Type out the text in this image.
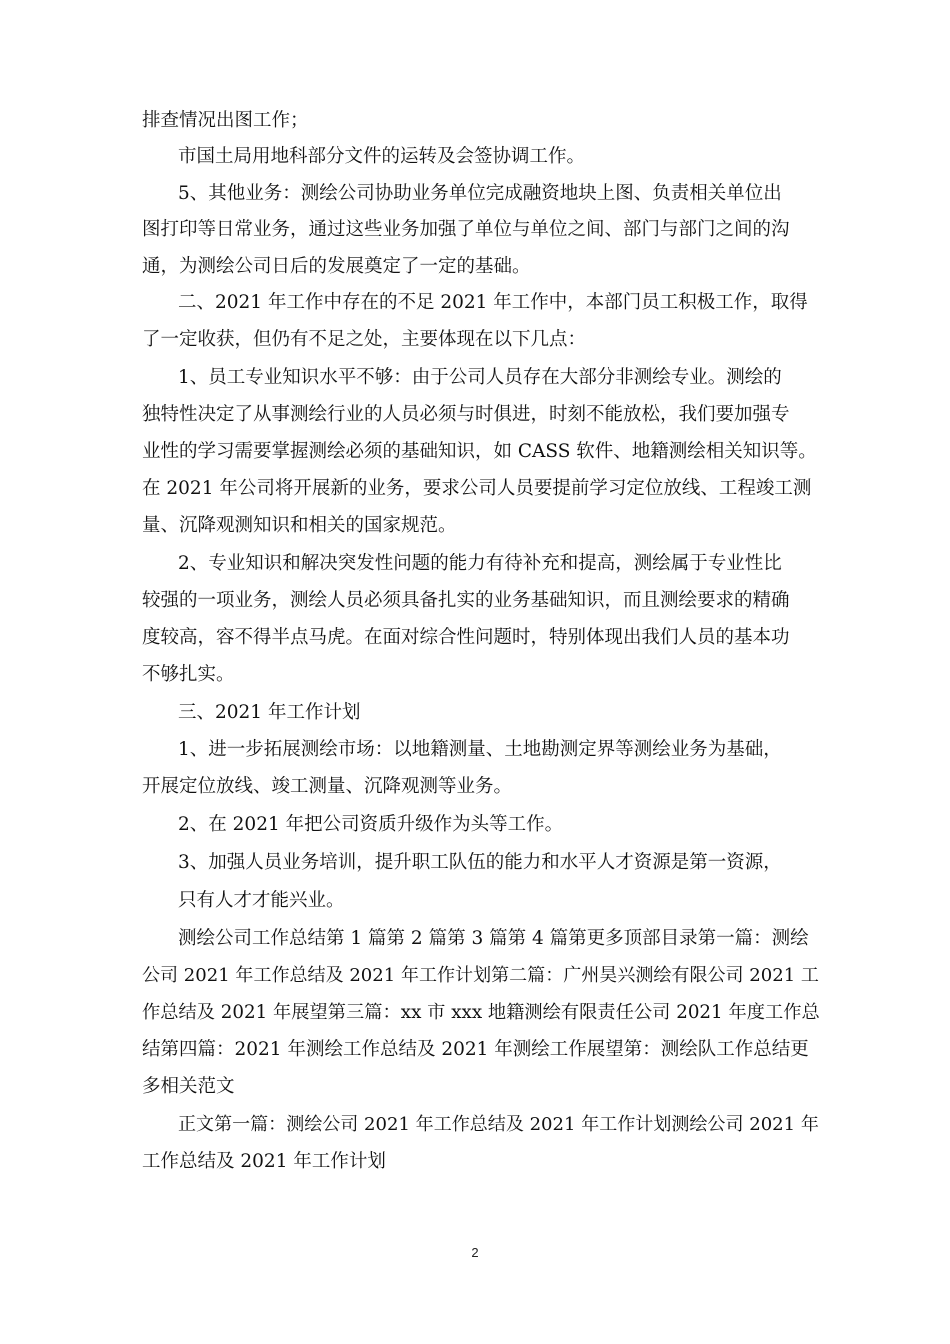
排查情况出图工作；
市国土局用地科部分文件的运转及会签协调工作。
5、其他业务：测绘公司协助业务单位完成融资地块上图、负责相关单位出
图打印等日常业务，通过这些业务加强了单位与单位之间、部门与部门之间的沟
通，为测绘公司日后的发展奠定了一定的基础。
二、2021 年工作中存在的不足 2021 年工作中，本部门员工积极工作，取得
了一定收获，但仍有不足之处，主要体现在以下几点：
1、员工专业知识水平不够：由于公司人员存在大部分非测绘专业。测绘的
独特性决定了从事测绘行业的人员必须与时俱进，时刻不能放松，我们要加强专
业性的学习需要掌握测绘必须的基础知识，如 CASS 软件、地籍测绘相关知识等。
在 2021 年公司将开展新的业务，要求公司人员要提前学习定位放线、工程竣工测
量、沉降观测知识和相关的国家规范。
2、专业知识和解决突发性问题的能力有待补充和提高，测绘属于专业性比
较强的一项业务，测绘人员必须具备扎实的业务基础知识，而且测绘要求的精确
度较高，容不得半点马虎。在面对综合性问题时，特别体现出我们人员的基本功
不够扎实。
三、2021 年工作计划
1、进一步拓展测绘市场：以地籍测量、土地勘测定界等测绘业务为基础，
开展定位放线、竣工测量、沉降观测等业务。
2、在 2021 年把公司资质升级作为头等工作。
3、加强人员业务培训，提升职工队伍的能力和水平人才资源是第一资源，
只有人才才能兴业。
测绘公司工作总结第 1 篇第 2 篇第 3 篇第 4 篇第更多顶部目录第一篇：测绘
公司 2021 年工作总结及 2021 年工作计划第二篇：广州昊兴测绘有限公司 2021 工
作总结及 2021 年展望第三篇：xx 市 xxx 地籍测绘有限责任公司 2021 年度工作总
结第四篇：2021 年测绘工作总结及 2021 年测绘工作展望第：测绘队工作总结更
多相关范文
正文第一篇：测绘公司 2021 年工作总结及 2021 年工作计划测绘公司 2021 年
工作总结及 2021 年工作计划
2
